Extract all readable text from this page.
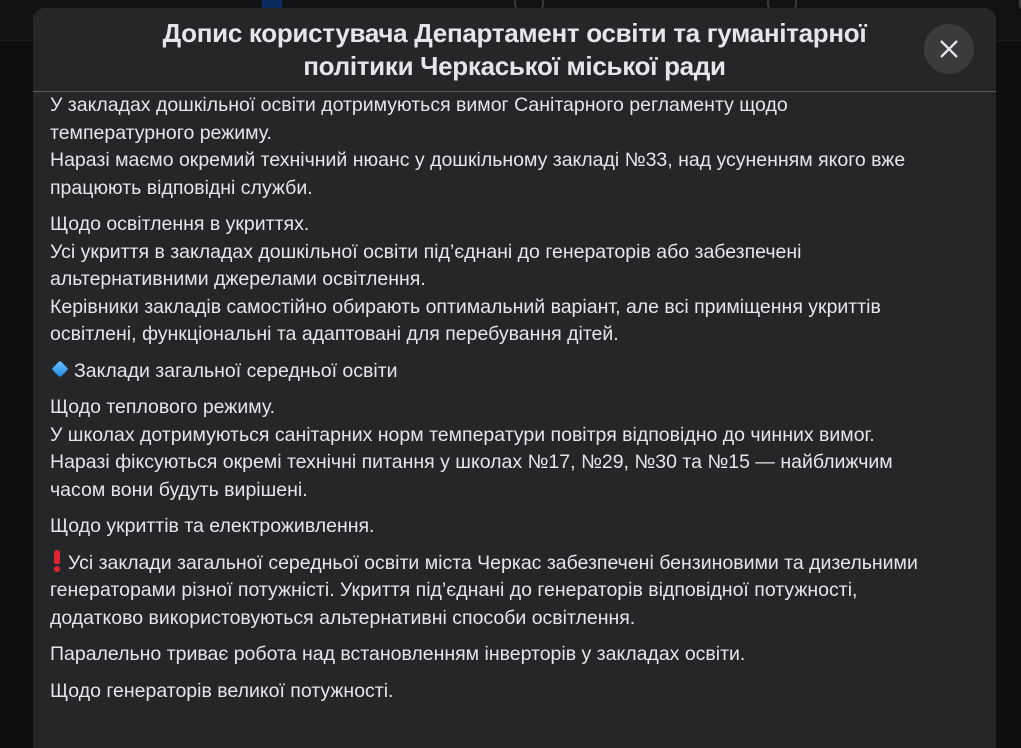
Допис користувача Департамент освіти та гуманітарної
політики Черкаської міської ради
У закладах дошкільної освіти дотримуються вимог Санітарного регламенту щодо
температурного режиму.
Наразі маємо окремий технічний нюанс у дошкільному закладі №33, над усуненням якого вже
працюють відповідні служби.
Щодо освітлення в укриттях.
Усі укриття в закладах дошкільної освіти під’єднані до генераторів або забезпечені
альтернативними джерелами освітлення.
Керівники закладів самостійно обирають оптимальний варіант, але всі приміщення укриттів
освітлені, функціональні та адаптовані для перебування дітей.
Заклади загальної середньої освіти
Щодо теплового режиму.
У школах дотримуються санітарних норм температури повітря відповідно до чинних вимог.
Наразі фіксуються окремі технічні питання у школах №17, №29, №30 та №15 — найближчим
часом вони будуть вирішені.
Щодо укриттів та електроживлення.
Усі заклади загальної середньої освіти міста Черкас забезпечені бензиновими та дизельними
генераторами різної потужністі. Укриття під’єднані до генераторів відповідної потужності,
додатково використовуються альтернативні способи освітлення.
Паралельно триває робота над встановленням інверторів у закладах освіти.
Щодо генераторів великої потужності.
